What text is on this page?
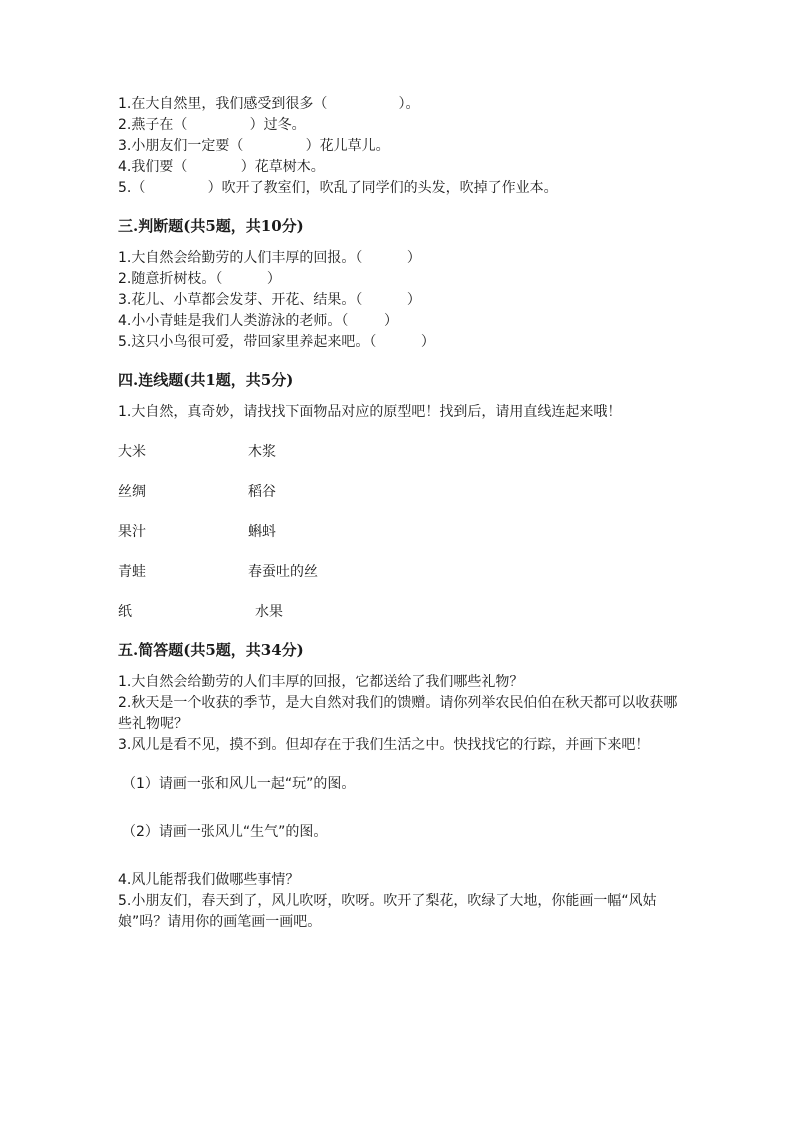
1.在大自然里，我们感受到很多（                ）。
2.燕子在（              ）过冬。
3.小朋友们一定要（              ）花儿草儿。
4.我们要（            ）花草树木。
5.（              ）吹开了教室们，吹乱了同学们的头发，吹掉了作业本。
三.判断题(共5题，共10分)
1.大自然会给勤劳的人们丰厚的回报。（          ）
2.随意折树枝。（          ）
3.花儿、小草都会发芽、开花、结果。（          ）
4.小小青蛙是我们人类游泳的老师。（        ）
5.这只小鸟很可爱，带回家里养起来吧。（          ）
四.连线题(共1题，共5分)
1.大自然，真奇妙，请找找下面物品对应的原型吧！找到后，请用直线连起来哦！
大米	木浆
丝绸	稻谷
果汁	蝌蚪
青蛙	春蚕吐的丝
纸	水果
五.简答题(共5题，共34分)
1.大自然会给勤劳的人们丰厚的回报，它都送给了我们哪些礼物？
2.秋天是一个收获的季节，是大自然对我们的馈赠。请你列举农民伯伯在秋天都可以收获哪些礼物呢？
3.风儿是看不见，摸不到。但却存在于我们生活之中。快找找它的行踪，并画下来吧！
（1）请画一张和风儿一起“玩”的图。
（2）请画一张风儿“生气”的图。
4.风儿能帮我们做哪些事情？
5.小朋友们，春天到了，风儿吹呀，吹呀。吹开了梨花，吹绿了大地，你能画一幅“风姑娘”吗？请用你的画笔画一画吧。
